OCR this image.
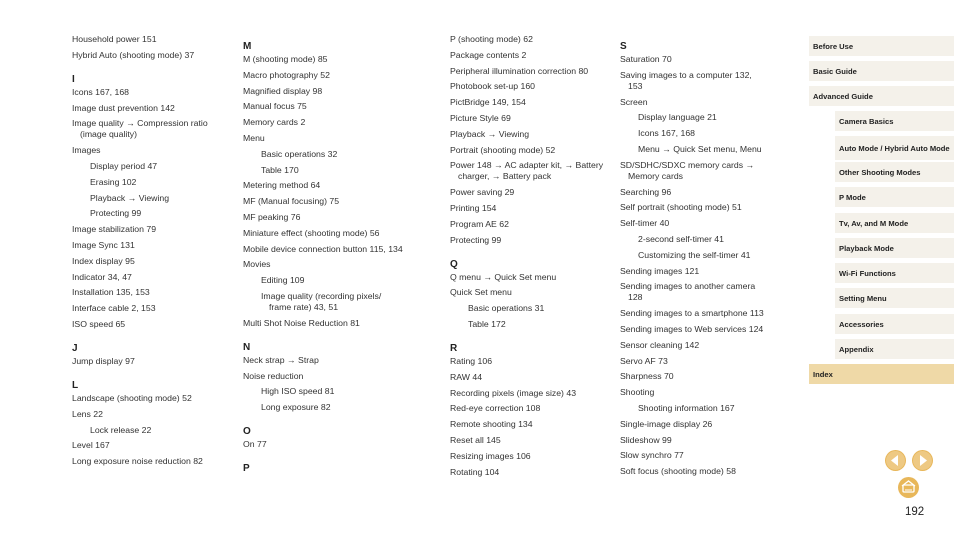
Household power 151
Hybrid Auto (shooting mode) 37
I
Icons 167, 168
Image dust prevention 142
Image quality → Compression ratio (image quality)
Images
Display period 47
Erasing 102
Playback → Viewing
Protecting 99
Image stabilization 79
Image Sync 131
Index display 95
Indicator 34, 47
Installation 135, 153
Interface cable 2, 153
ISO speed 65
J
Jump display 97
L
Landscape (shooting mode) 52
Lens 22
Lock release 22
Level 167
Long exposure noise reduction 82
M
M (shooting mode) 85
Macro photography 52
Magnified display 98
Manual focus 75
Memory cards 2
Menu
Basic operations 32
Table 170
Metering method 64
MF (Manual focusing) 75
MF peaking 76
Miniature effect (shooting mode) 56
Mobile device connection button 115, 134
Movies
Editing 109
Image quality (recording pixels/ frame rate) 43, 51
Multi Shot Noise Reduction 81
N
Neck strap → Strap
Noise reduction
High ISO speed 81
Long exposure 82
O
On 77
P
P (shooting mode) 62
Package contents 2
Peripheral illumination correction 80
Photobook set-up 160
PictBridge 149, 154
Picture Style 69
Playback → Viewing
Portrait (shooting mode) 52
Power 148 → AC adapter kit, → Battery charger, → Battery pack
Power saving 29
Printing 154
Program AE 62
Protecting 99
Q
Q menu → Quick Set menu
Quick Set menu
Basic operations 31
Table 172
R
Rating 106
RAW 44
Recording pixels (image size) 43
Red-eye correction 108
Remote shooting 134
Reset all 145
Resizing images 106
Rotating 104
S
Saturation 70
Saving images to a computer 132, 153
Screen
Display language 21
Icons 167, 168
Menu → Quick Set menu, Menu
SD/SDHC/SDXC memory cards → Memory cards
Searching 96
Self portrait (shooting mode) 51
Self-timer 40
2-second self-timer 41
Customizing the self-timer 41
Sending images 121
Sending images to another camera 128
Sending images to a smartphone 113
Sending images to Web services 124
Sensor cleaning 142
Servo AF 73
Sharpness 70
Shooting
Shooting information 167
Single-image display 26
Slideshow 99
Slow synchro 77
Soft focus (shooting mode) 58
Before Use
Basic Guide
Advanced Guide
Camera Basics
Auto Mode / Hybrid Auto Mode
Other Shooting Modes
P Mode
Tv, Av, and M Mode
Playback Mode
Wi-Fi Functions
Setting Menu
Accessories
Appendix
Index
192
